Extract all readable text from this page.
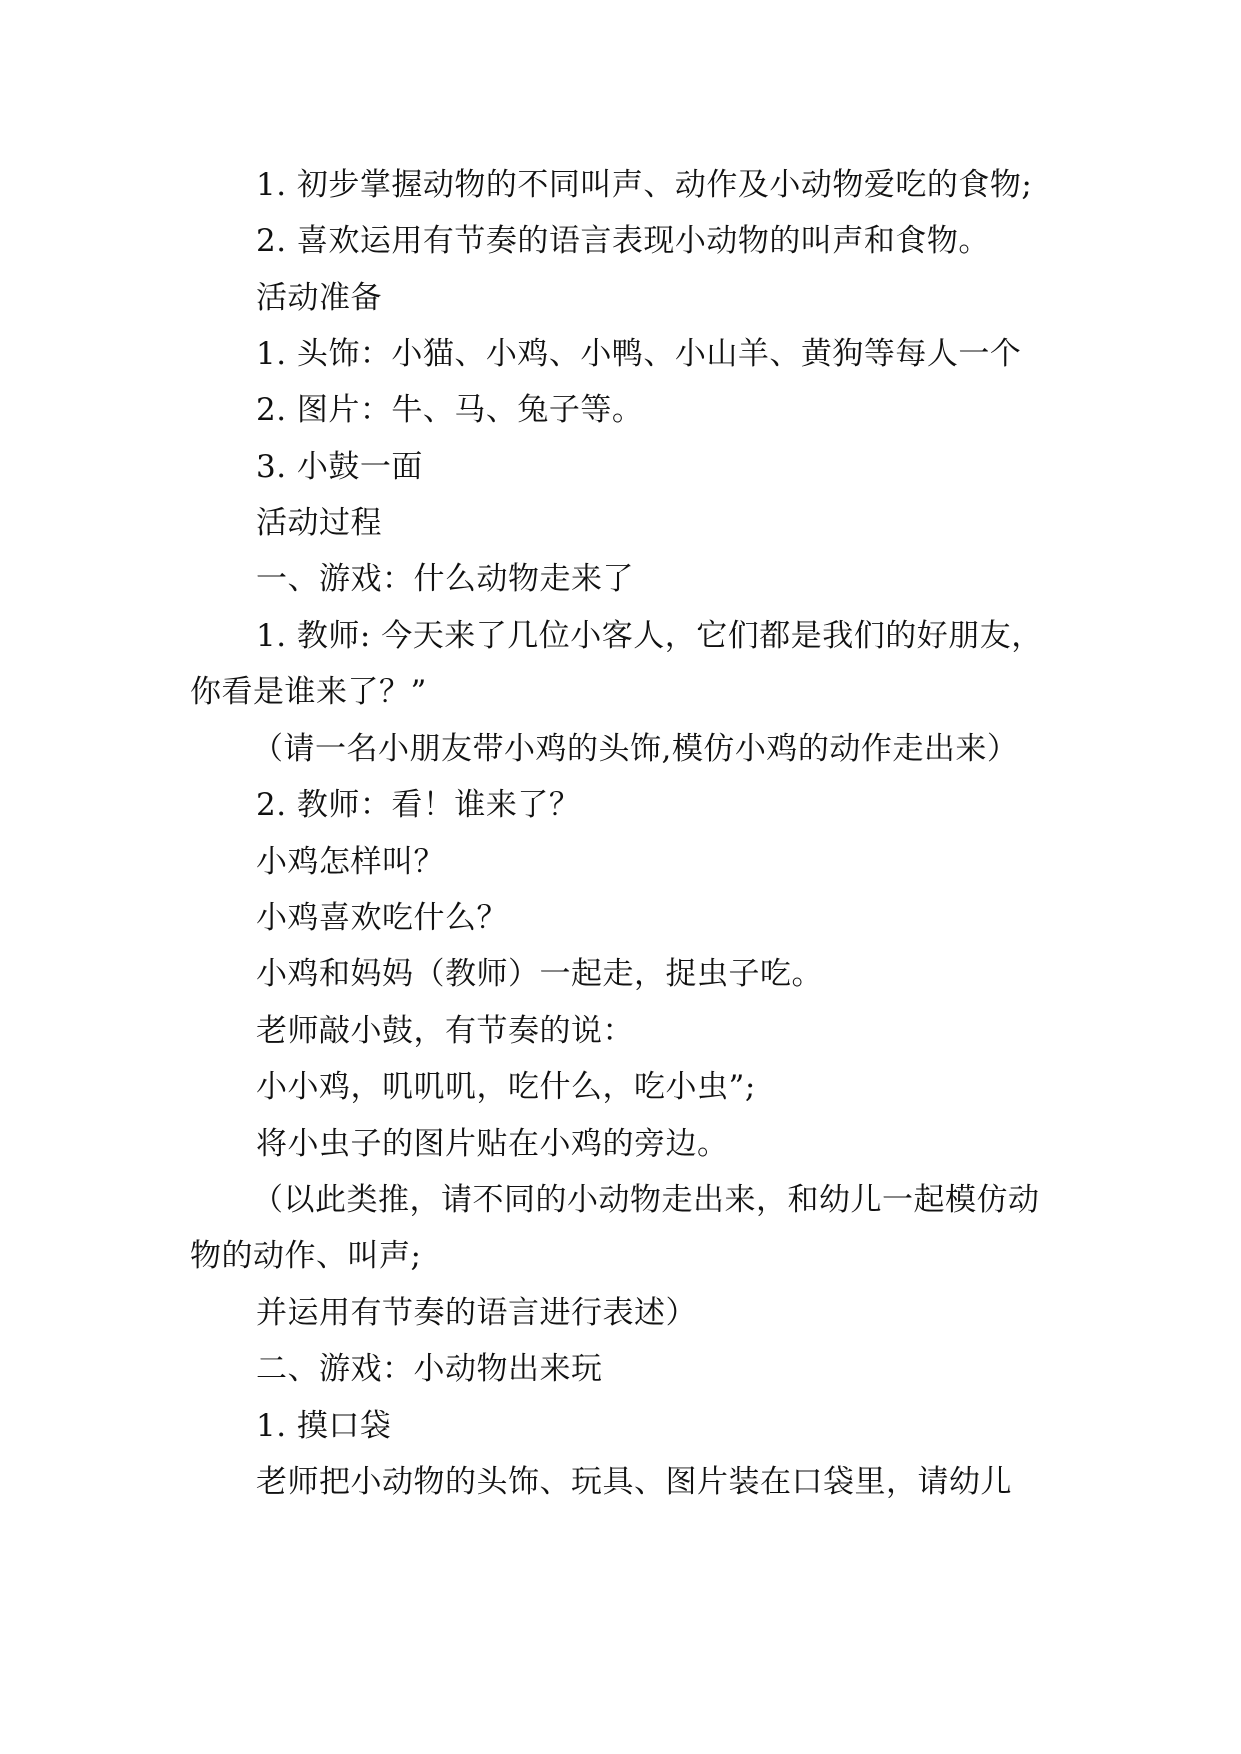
1. 初步掌握动物的不同叫声、动作及小动物爱吃的食物;

2. 喜欢运用有节奏的语言表现小动物的叫声和食物。

活动准备

1. 头饰：小猫、小鸡、小鸭、小山羊、黄狗等每人一个

2. 图片：牛、马、兔子等。

3. 小鼓一面

活动过程

一、游戏：什么动物走来了

1. 教师: 今天来了几位小客人，它们都是我们的好朋友，你看是谁来了？”

（请一名小朋友带小鸡的头饰,模仿小鸡的动作走出来）

2. 教师：看！谁来了？

小鸡怎样叫？

小鸡喜欢吃什么？

小鸡和妈妈（教师）一起走，捉虫子吃。

老师敲小鼓，有节奏的说：

小小鸡，叽叽叽，吃什么，吃小虫”;

将小虫子的图片贴在小鸡的旁边。

（以此类推，请不同的小动物走出来，和幼儿一起模仿动物的动作、叫声;

并运用有节奏的语言进行表述）

二、游戏：小动物出来玩

1. 摸口袋

老师把小动物的头饰、玩具、图片装在口袋里，请幼儿
